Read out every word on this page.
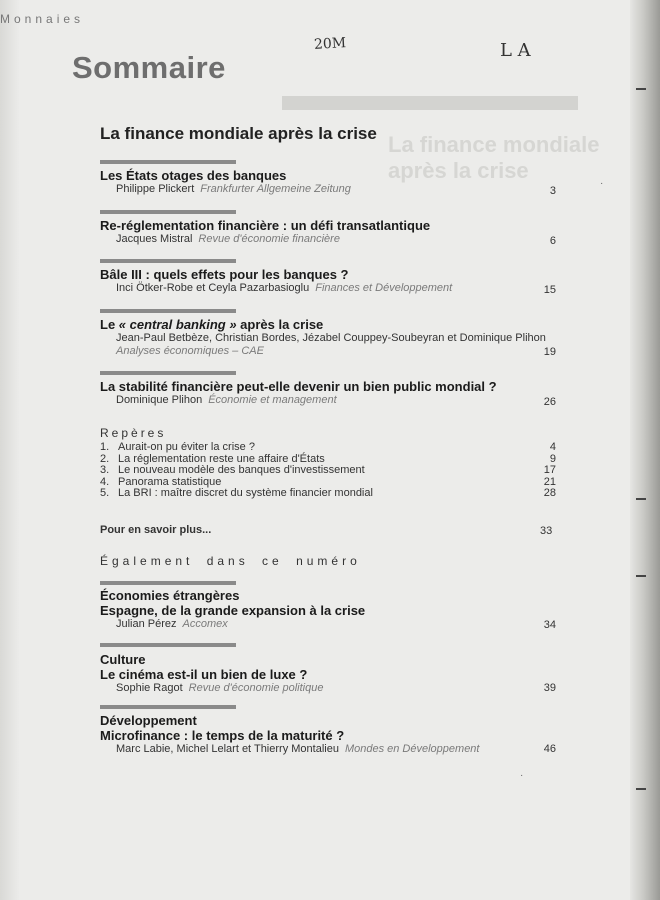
Monnaies
20M	L A
Sommaire
La finance mondiale après la crise
La finance mondiale après la crise
Les États otages des banques
Philippe Plickert Frankfurter Allgemeine Zeitung	3
Re-réglementation financière : un défi transatlantique
Jacques Mistral Revue d'économie financière	6
Bâle III : quels effets pour les banques ?
Inci Ötker-Robe et Ceyla Pazarbasioglu Finances et Développement	15
Le « central banking » après la crise
Jean-Paul Betbèze, Christian Bordes, Jézabel Couppey-Soubeyran et Dominique Plihon
Analyses économiques – CAE	19
La stabilité financière peut-elle devenir un bien public mondial ?
Dominique Plihon Économie et management	26
Repères
1. Aurait-on pu éviter la crise ?	4
2. La réglementation reste une affaire d'États	9
3. Le nouveau modèle des banques d'investissement	17
4. Panorama statistique	21
5. La BRI : maître discret du système financier mondial	28
Pour en savoir plus...	33
Également dans ce numéro
Économies étrangères
Espagne, de la grande expansion à la crise
Julian Pérez Accomex	34
Culture
Le cinéma est-il un bien de luxe ?
Sophie Ragot Revue d'économie politique	39
Développement
Microfinance : le temps de la maturité ?
Marc Labie, Michel Lelart et Thierry Montalieu Mondes en Développement	46
·
·
